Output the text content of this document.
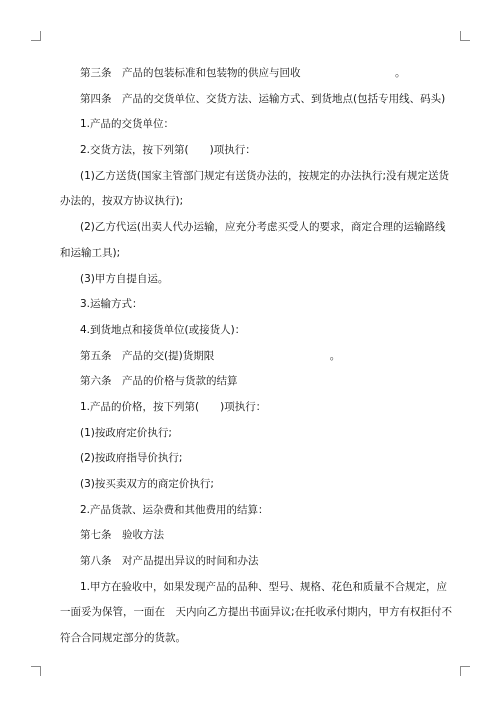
第三条　产品的包装标准和包装物的供应与回收　　　　　　　　　。

第四条　产品的交货单位、交货方法、运输方式、到货地点(包括专用线、码头)

1.产品的交货单位：

2.交货方法，按下列第(　　)项执行：

(1)乙方送货(国家主管部门规定有送货办法的，按规定的办法执行;没有规定送货

办法的，按双方协议执行);

(2)乙方代运(出卖人代办运输，应充分考虑买受人的要求，商定合理的运输路线

和运输工具);

(3)甲方自提自运。

3.运输方式：

4.到货地点和接货单位(或接货人)：

第五条　产品的交(提)货期限　　　　　　　　　　　。

第六条　产品的价格与货款的结算

1.产品的价格，按下列第(　　)项执行：

(1)按政府定价执行;

(2)按政府指导价执行;

(3)按买卖双方的商定价执行;

2.产品货款、运杂费和其他费用的结算：

第七条　验收方法

第八条　对产品提出异议的时间和办法

1.甲方在验收中，如果发现产品的品种、型号、规格、花色和质量不合规定，应

一面妥为保管，一面在　天内向乙方提出书面异议;在托收承付期内，甲方有权拒付不

符合合同规定部分的货款。
